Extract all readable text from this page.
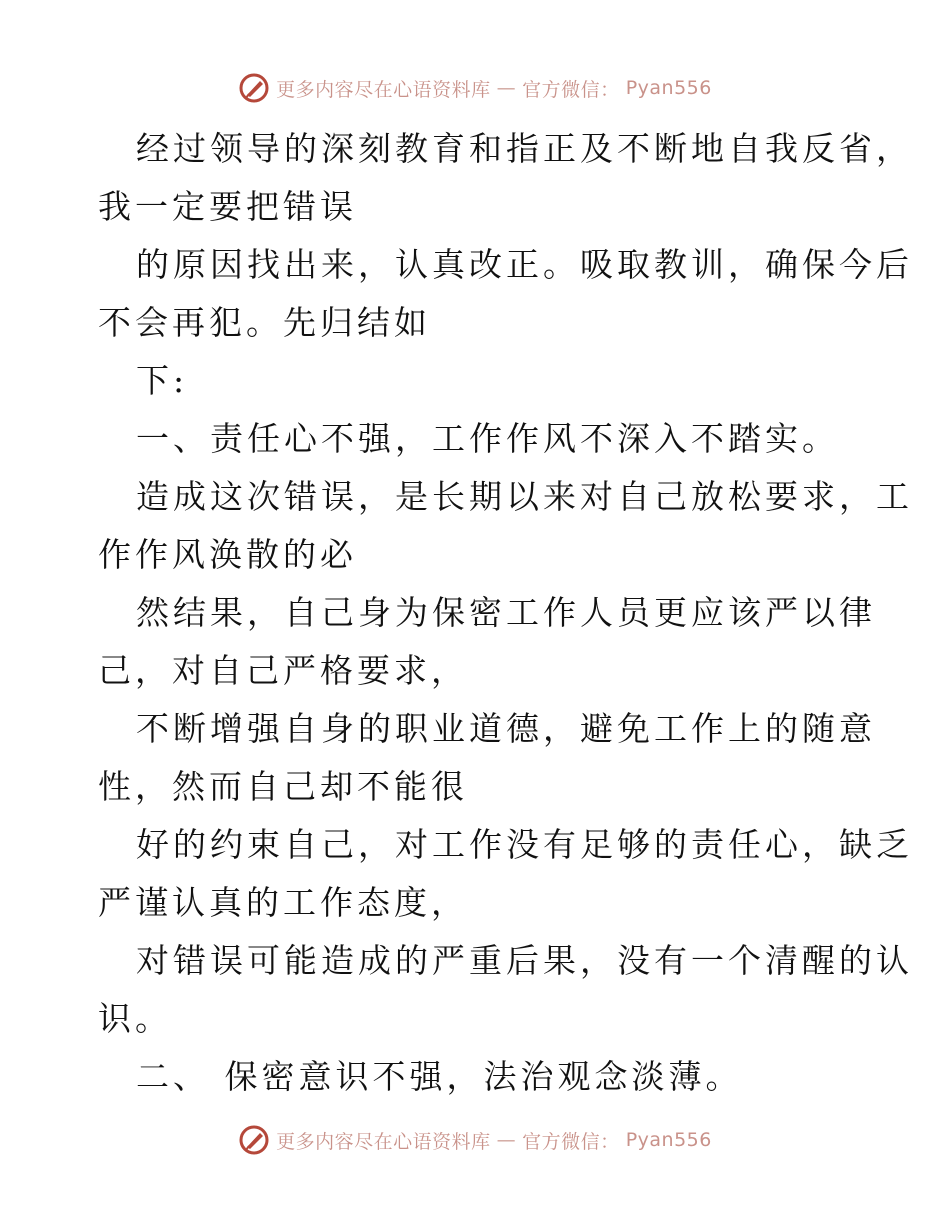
更多内容尽在心语资料库 — 官方微信： Pyan556
经过领导的深刻教育和指正及不断地自我反省，
我一定要把错误
的原因找出来，认真改正。吸取教训，确保今后
不会再犯。先归结如
下:
一、责任心不强，工作作风不深入不踏实。
造成这次错误，是长期以来对自己放松要求，工
作作风涣散的必
然结果，自己身为保密工作人员更应该严以律
己，对自己严格要求，
不断增强自身的职业道德，避免工作上的随意
性，然而自己却不能很
好的约束自己，对工作没有足够的责任心，缺乏
严谨认真的工作态度，
对错误可能造成的严重后果，没有一个清醒的认
识。
二、 保密意识不强，法治观念淡薄。
更多内容尽在心语资料库 — 官方微信： Pyan556
